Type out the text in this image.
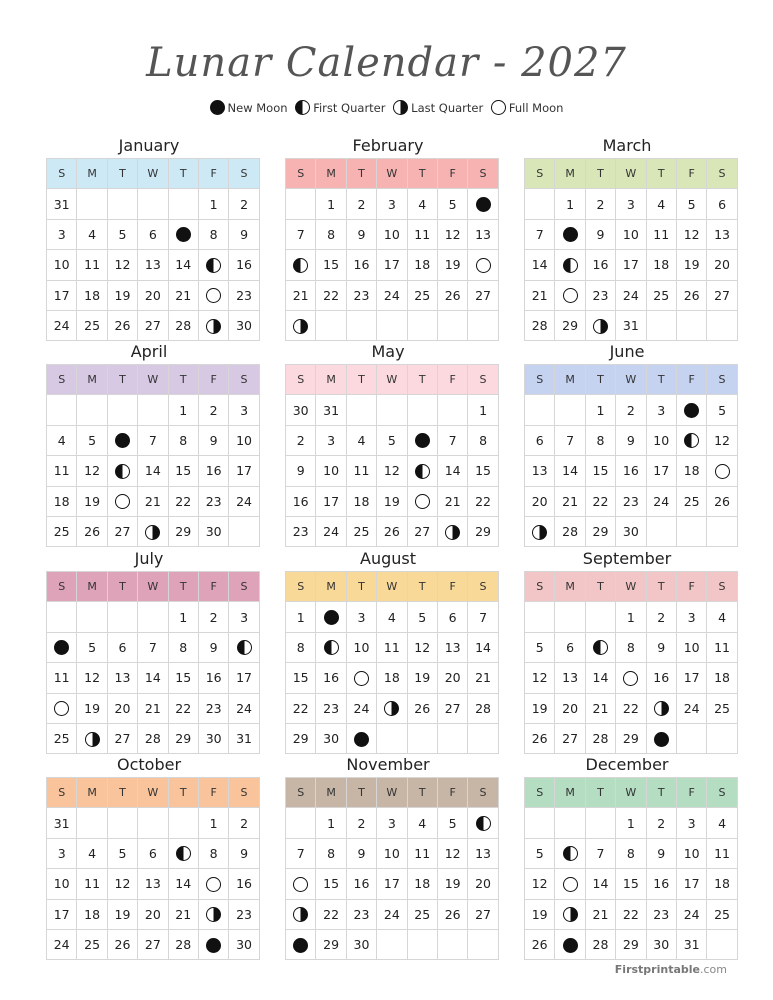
Lunar Calendar - 2027
New Moon
First Quarter
Last Quarter
Full Moon
January
S	M	T	W	T	F	S
31					1	2
3	4	5	6		8	9
10	11	12	13	14		16
17	18	19	20	21		23
24	25	26	27	28		30
February
S	M	T	W	T	F	S
	1	2	3	4	5	
7	8	9	10	11	12	13
	15	16	17	18	19	
21	22	23	24	25	26	27

March
S	M	T	W	T	F	S
	1	2	3	4	5	6
7		9	10	11	12	13
14		16	17	18	19	20
21		23	24	25	26	27
28	29		31			
April
S	M	T	W	T	F	S
				1	2	3
4	5		7	8	9	10
11	12		14	15	16	17
18	19		21	22	23	24
25	26	27		29	30	
May
S	M	T	W	T	F	S
30	31					1
2	3	4	5		7	8
9	10	11	12		14	15
16	17	18	19		21	22
23	24	25	26	27		29
June
S	M	T	W	T	F	S
		1	2	3		5
6	7	8	9	10		12
13	14	15	16	17	18	
20	21	22	23	24	25	26
	28	29	30			
July
S	M	T	W	T	F	S
				1	2	3
	5	6	7	8	9	
11	12	13	14	15	16	17
	19	20	21	22	23	24
25		27	28	29	30	31
August
S	M	T	W	T	F	S
1		3	4	5	6	7
8		10	11	12	13	14
15	16		18	19	20	21
22	23	24		26	27	28
29	30					
September
S	M	T	W	T	F	S
			1	2	3	4
5	6		8	9	10	11
12	13	14		16	17	18
19	20	21	22		24	25
26	27	28	29			
October
S	M	T	W	T	F	S
31					1	2
3	4	5	6		8	9
10	11	12	13	14		16
17	18	19	20	21		23
24	25	26	27	28		30
November
S	M	T	W	T	F	S
	1	2	3	4	5	
7	8	9	10	11	12	13
	15	16	17	18	19	20
	22	23	24	25	26	27
	29	30				
December
S	M	T	W	T	F	S
			1	2	3	4
5		7	8	9	10	11
12		14	15	16	17	18
19		21	22	23	24	25
26		28	29	30	31	
Firstprintable.com
